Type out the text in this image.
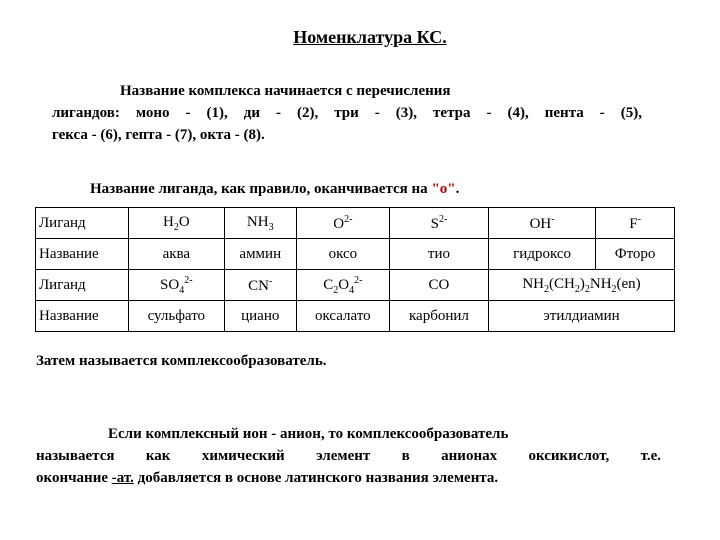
Номенклатура КС.
Название комплекса начинается с перечисления
лигандов: моно - (1), ди - (2), три - (3), тетра - (4), пента - (5),
гекса - (6), гепта - (7), окта - (8).
Название лиганда, как правило, оканчивается на "о".
Лиганд	$H_2O$	$NH_3$	$O^{2-}$	$S^{2-}$	OH-	F-
Название	аква	аммин	оксо	тио	гидроксо	Фторо
Лиганд	$SO_4^{2-}$	CN-	$C_2O_4^{2-}$	CO	$NH_2(CH_2)_2NH_2(en)$	
Название	сульфато	циано	оксалато	карбонил	этилдиамин	
Затем называется комплексообразователь.
Если комплексный ион - анион, то комплексообразователь
называется как химический элемент в анионах оксикислот, т.е.
окончание -ат. добавляется в основе латинского названия элемента.
